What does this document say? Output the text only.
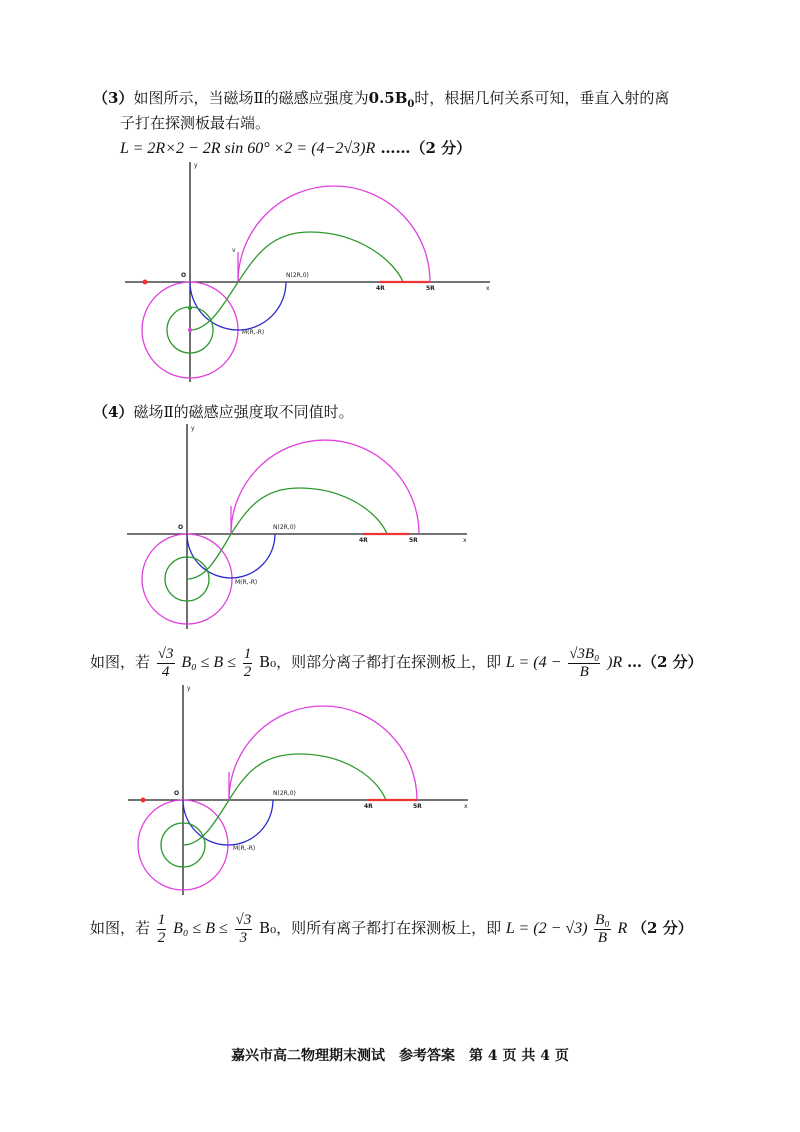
（3）如图所示，当磁场Ⅱ的磁感应强度为$0.5B_0$时，根据几何关系可知，垂直入射的离
子打在探测板最右端。
L = 2R×2 − 2R sin 60° ×2 = (4−2√3)R ……（2 分）
O
y
x
N(2R,0)
M(R,-R)
4R	5R
v
（4）磁场Ⅱ的磁感应强度取不同值时。
O
y
x
N(2R,0)
M(R,-R)
4R	5R
如图，若 $\frac{√3}{4} B_0 \le B \le \frac{1}{2} B_0$，则部分离子都打在探测板上，即 $L = (4 - \frac{\text{√3B₀}}{B} )R$ …（2 分）
O
y
x
N(2R,0)
M(R,-R)
4R	5R
如图，若 $\frac{1}{2} B_0 \le B \le \frac{√3}{3} B_0$，则所有离子都打在探测板上，即 $L = (2 - √3) \frac{\text{B₀}}{B}$ R （2 分）
嘉兴市高二物理期末测试　参考答案　第 4 页 共 4 页
